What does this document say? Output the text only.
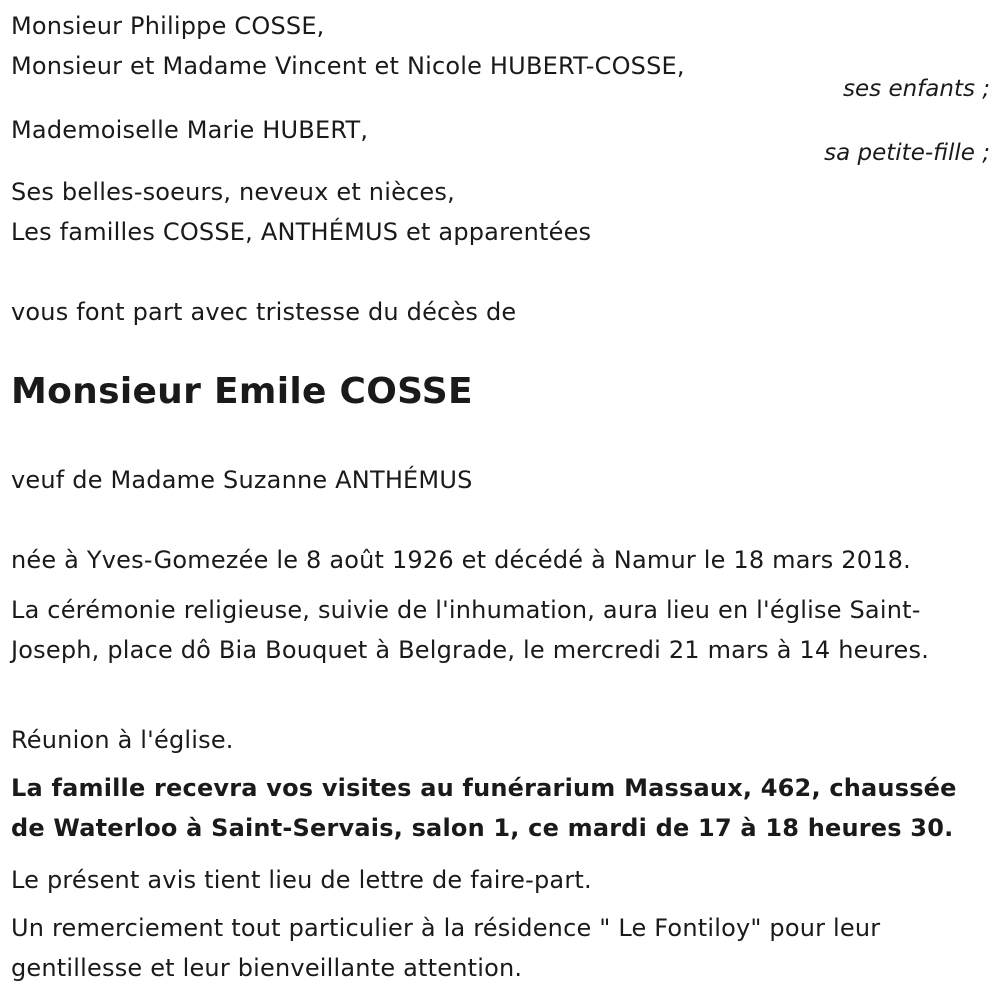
Monsieur Philippe COSSE,
Monsieur et Madame Vincent et Nicole HUBERT-COSSE,
ses enfants ;
Mademoiselle Marie HUBERT,
sa petite-fille ;
Ses belles-soeurs, neveux et nièces,
Les familles COSSE, ANTHÉMUS et apparentées
vous font part avec tristesse du décès de
Monsieur Emile COSSE
veuf de Madame Suzanne ANTHÉMUS
née à Yves-Gomezée le 8 août 1926 et décédé à Namur le 18 mars 2018.
La cérémonie religieuse, suivie de l'inhumation, aura lieu en l'église Saint-Joseph, place dô Bia Bouquet à Belgrade, le mercredi 21 mars à 14 heures.
Réunion à l'église.
La famille recevra vos visites au funérarium Massaux, 462, chaussée de Waterloo à Saint-Servais, salon 1, ce mardi de 17 à 18 heures 30.
Le présent avis tient lieu de lettre de faire-part.
Un remerciement tout particulier à la résidence " Le Fontiloy" pour leur gentillesse et leur bienveillante attention.
